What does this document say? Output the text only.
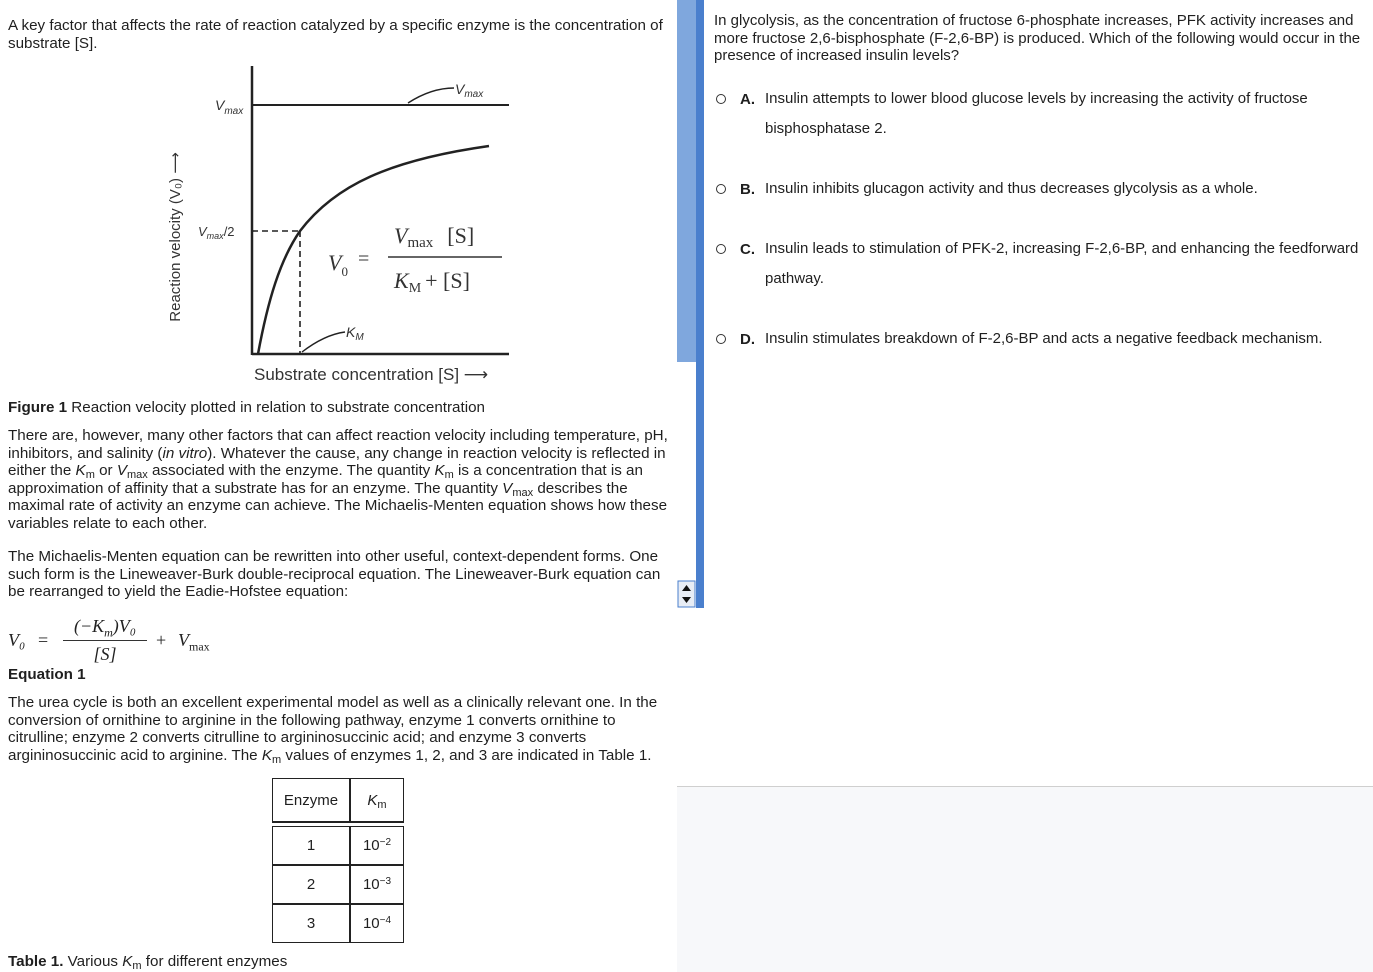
A key factor that affects the rate of reaction catalyzed by a specific enzyme is the concentration of substrate [S].

Reaction velocity (V₀) ⟶
$V_{max}$
$V_{max}/2$
$V_{max}$
$K_M$
$V_0$
=
Vmax [S]
KM + [S]
Substrate concentration [S] ⟶

Figure 1 Reaction velocity plotted in relation to substrate concentration

There are, however, many other factors that can affect reaction velocity including temperature, pH, inhibitors, and salinity (in vitro). Whatever the cause, any change in reaction velocity is reflected in either the $K_m$ or $V_{max}$ associated with the enzyme. The quantity $K_m$ is a concentration that is an approximation of affinity that a substrate has for an enzyme. The quantity $V_{max}$ describes the maximal rate of activity an enzyme can achieve. The Michaelis-Menten equation shows how these variables relate to each other.

The Michaelis-Menten equation can be rewritten into other useful, context-dependent forms. One such form is the Lineweaver-Burk double-reciprocal equation. The Lineweaver-Burk equation can be rearranged to yield the Eadie-Hofstee equation:

V₀ =
$(-K_m)V_0$
[S]
+ $V_{max}$

Equation 1

The urea cycle is both an excellent experimental model as well as a clinically relevant one. In the conversion of ornithine to arginine in the following pathway, enzyme 1 converts ornithine to citrulline; enzyme 2 converts citrulline to argininosuccinic acid; and enzyme 3 converts argininosuccinic acid to arginine. The $K_m$ values of enzymes 1, 2, and 3 are indicated in Table 1.

Enzyme	$K_m$

1	$10^{-2}$
2	$10^{-3}$
3	$10^{-4}$

Table 1. Various $K_m$ for different enzymes

In glycolysis, as the concentration of fructose 6-phosphate increases, PFK activity increases and more fructose 2,6-bisphosphate (F-2,6-BP) is produced. Which of the following would occur in the presence of increased insulin levels?

A. Insulin attempts to lower blood glucose levels by increasing the activity of fructose bisphosphatase 2.
B. Insulin inhibits glucagon activity and thus decreases glycolysis as a whole.
C. Insulin leads to stimulation of PFK-2, increasing F-2,6-BP, and enhancing the feedforward pathway.
D. Insulin stimulates breakdown of F-2,6-BP and acts a negative feedback mechanism.
